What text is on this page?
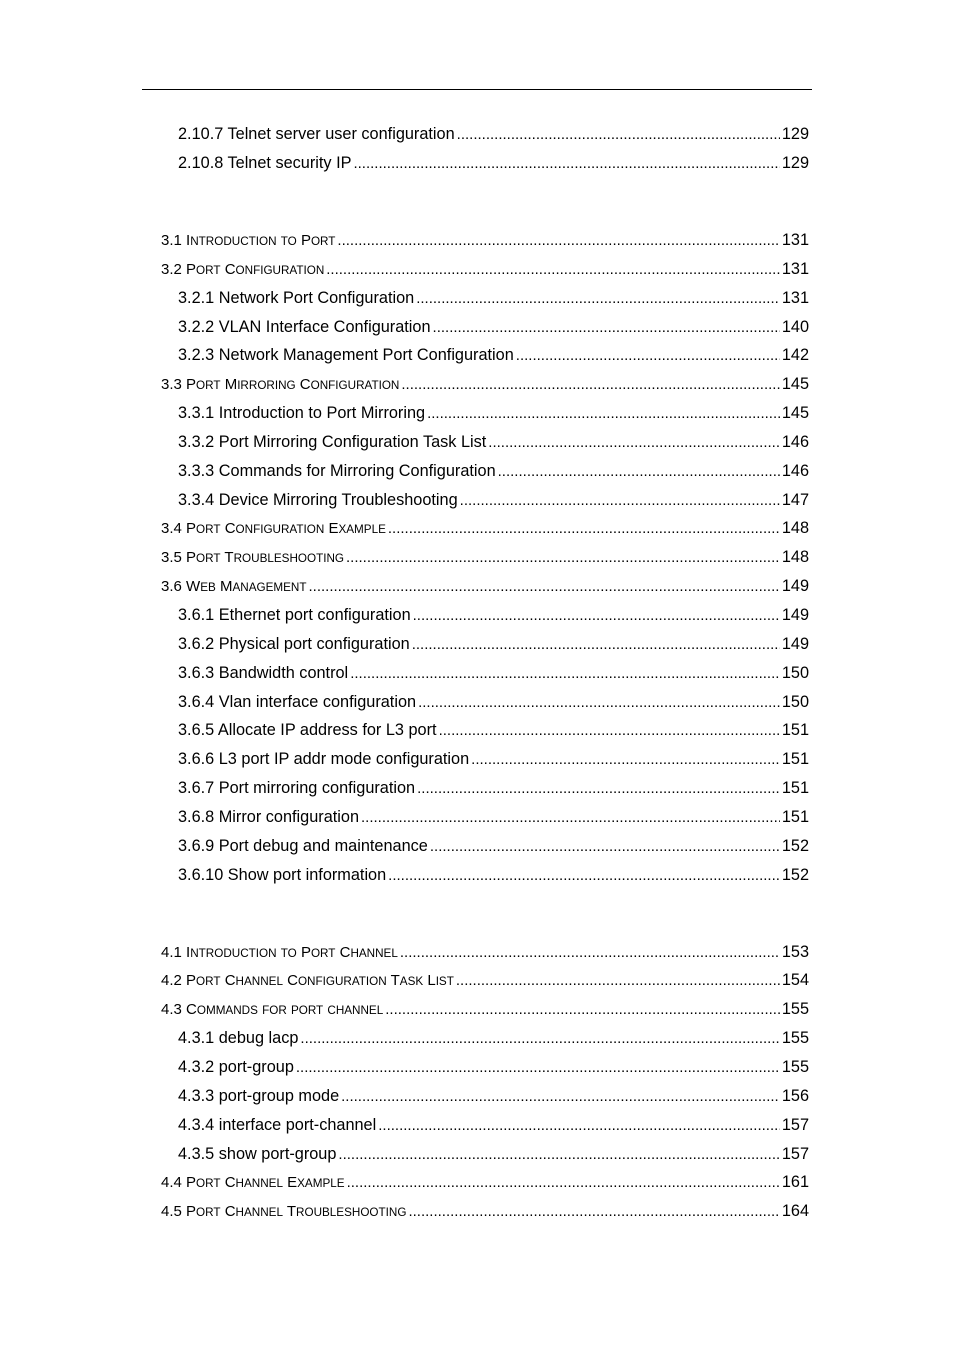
2.10.7 Telnet server user configuration .....	129
2.10.8 Telnet security IP .....	129
3.1 INTRODUCTION TO PORT .....	131
3.2 PORT CONFIGURATION .....	131
3.2.1 Network Port Configuration .....	131
3.2.2 VLAN Interface Configuration .....	140
3.2.3 Network Management Port Configuration .....	142
3.3 PORT MIRRORING CONFIGURATION .....	145
3.3.1 Introduction to Port Mirroring .....	145
3.3.2 Port Mirroring Configuration Task List .....	146
3.3.3 Commands for Mirroring Configuration .....	146
3.3.4 Device Mirroring Troubleshooting .....	147
3.4 PORT CONFIGURATION EXAMPLE .....	148
3.5 PORT TROUBLESHOOTING .....	148
3.6 WEB MANAGEMENT .....	149
3.6.1 Ethernet port configuration .....	149
3.6.2 Physical port configuration .....	149
3.6.3 Bandwidth control .....	150
3.6.4 Vlan interface configuration .....	150
3.6.5 Allocate IP address for L3 port .....	151
3.6.6 L3 port IP addr mode configuration .....	151
3.6.7 Port mirroring configuration .....	151
3.6.8 Mirror configuration .....	151
3.6.9 Port debug and maintenance .....	152
3.6.10 Show port information .....	152
4.1 INTRODUCTION TO PORT CHANNEL .....	153
4.2 PORT CHANNEL CONFIGURATION TASK LIST .....	154
4.3 COMMANDS FOR PORT CHANNEL .....	155
4.3.1 debug lacp .....	155
4.3.2 port-group .....	155
4.3.3 port-group mode .....	156
4.3.4 interface port-channel .....	157
4.3.5 show port-group .....	157
4.4 PORT CHANNEL EXAMPLE .....	161
4.5 PORT CHANNEL TROUBLESHOOTING .....	164
